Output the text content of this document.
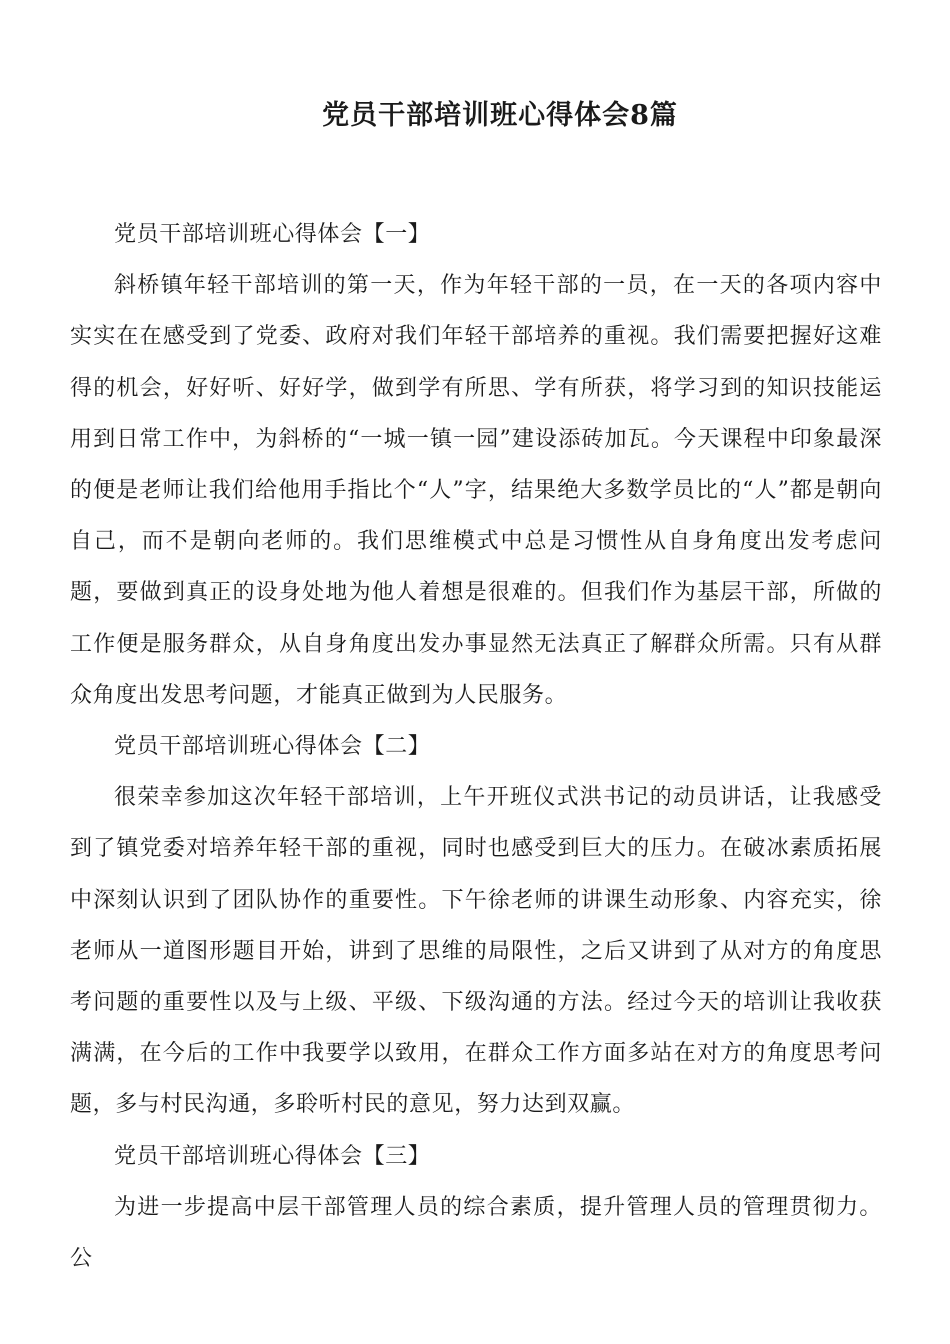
党员干部培训班心得体会8篇

党员干部培训班心得体会【一】

斜桥镇年轻干部培训的第一天，作为年轻干部的一员，在一天的各项内容中实实在在感受到了党委、政府对我们年轻干部培养的重视。我们需要把握好这难得的机会，好好听、好好学，做到学有所思、学有所获，将学习到的知识技能运用到日常工作中，为斜桥的“一城一镇一园”建设添砖加瓦。今天课程中印象最深的便是老师让我们给他用手指比个“人”字，结果绝大多数学员比的“人”都是朝向自己，而不是朝向老师的。我们思维模式中总是习惯性从自身角度出发考虑问题，要做到真正的设身处地为他人着想是很难的。但我们作为基层干部，所做的工作便是服务群众，从自身角度出发办事显然无法真正了解群众所需。只有从群众角度出发思考问题，才能真正做到为人民服务。

党员干部培训班心得体会【二】

很荣幸参加这次年轻干部培训，上午开班仪式洪书记的动员讲话，让我感受到了镇党委对培养年轻干部的重视，同时也感受到巨大的压力。在破冰素质拓展中深刻认识到了团队协作的重要性。下午徐老师的讲课生动形象、内容充实，徐老师从一道图形题目开始，讲到了思维的局限性，之后又讲到了从对方的角度思考问题的重要性以及与上级、平级、下级沟通的方法。经过今天的培训让我收获满满，在今后的工作中我要学以致用，在群众工作方面多站在对方的角度思考问题，多与村民沟通，多聆听村民的意见，努力达到双赢。

党员干部培训班心得体会【三】

为进一步提高中层干部管理人员的综合素质，提升管理人员的管理贯彻力。公
